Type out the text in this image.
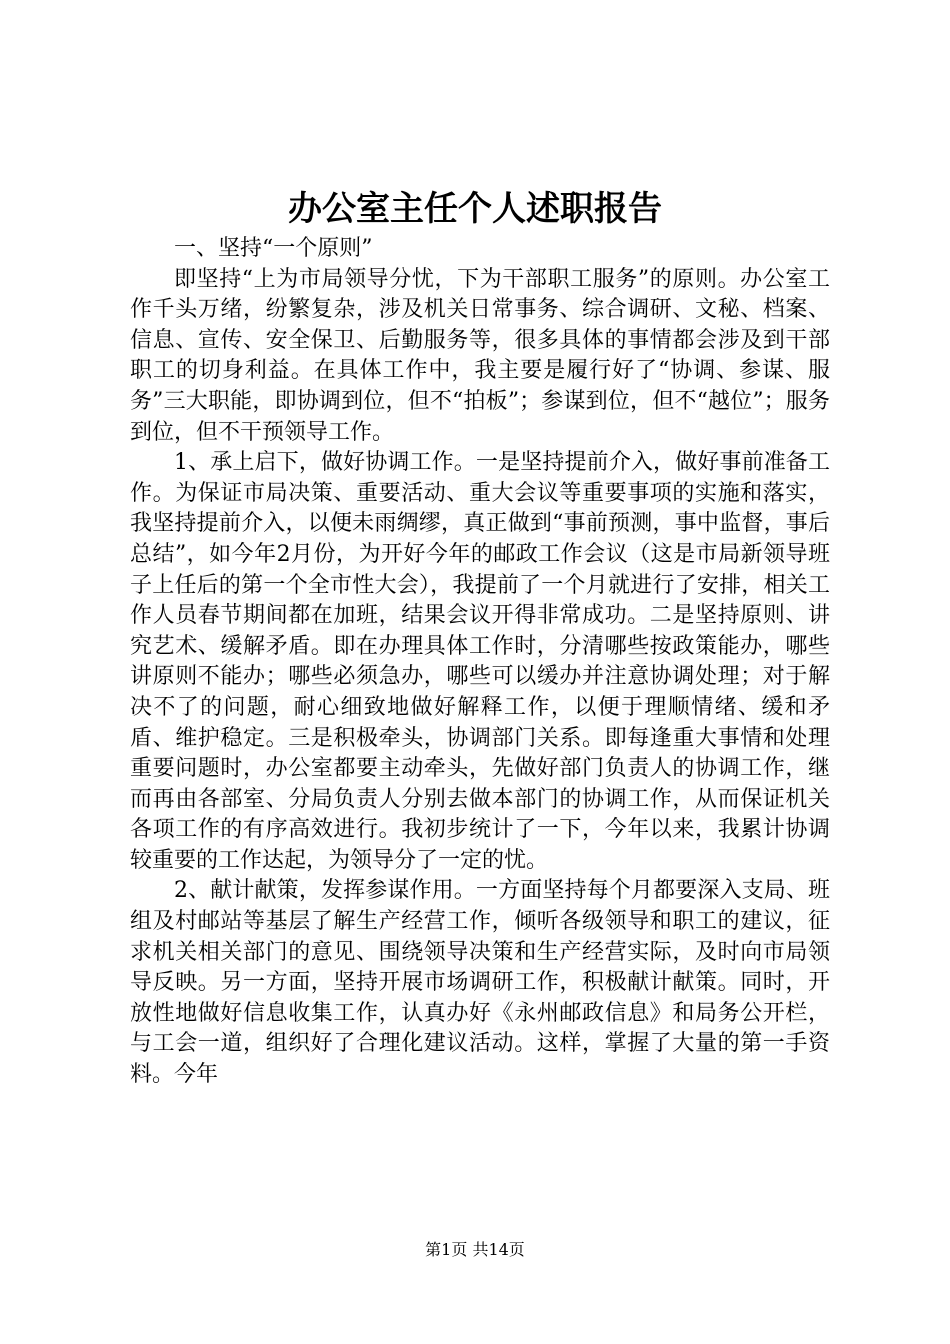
办公室主任个人述职报告

一、坚持“一个原则”

即坚持“上为市局领导分忧，下为干部职工服务”的原则。办公室工作千头万绪，纷繁复杂，涉及机关日常事务、综合调研、文秘、档案、信息、宣传、安全保卫、后勤服务等，很多具体的事情都会涉及到干部职工的切身利益。在具体工作中，我主要是履行好了“协调、参谋、服务”三大职能，即协调到位，但不“拍板”；参谋到位，但不“越位”；服务到位，但不干预领导工作。

1、承上启下，做好协调工作。一是坚持提前介入，做好事前准备工作。为保证市局决策、重要活动、重大会议等重要事项的实施和落实，我坚持提前介入，以便未雨绸缪，真正做到“事前预测，事中监督，事后总结”，如今年2月份，为开好今年的邮政工作会议（这是市局新领导班子上任后的第一个全市性大会），我提前了一个月就进行了安排，相关工作人员春节期间都在加班，结果会议开得非常成功。二是坚持原则、讲究艺术、缓解矛盾。即在办理具体工作时，分清哪些按政策能办，哪些讲原则不能办；哪些必须急办，哪些可以缓办并注意协调处理；对于解决不了的问题，耐心细致地做好解释工作，以便于理顺情绪、缓和矛盾、维护稳定。三是积极牵头，协调部门关系。即每逢重大事情和处理重要问题时，办公室都要主动牵头，先做好部门负责人的协调工作，继而再由各部室、分局负责人分别去做本部门的协调工作，从而保证机关各项工作的有序高效进行。我初步统计了一下，今年以来，我累计协调较重要的工作达起，为领导分了一定的忧。

2、献计献策，发挥参谋作用。一方面坚持每个月都要深入支局、班组及村邮站等基层了解生产经营工作，倾听各级领导和职工的建议，征求机关相关部门的意见、围绕领导决策和生产经营实际，及时向市局领导反映。另一方面，坚持开展市场调研工作，积极献计献策。同时，开放性地做好信息收集工作，认真办好《永州邮政信息》和局务公开栏，与工会一道，组织好了合理化建议活动。这样，掌握了大量的第一手资料。今年

第1页 共14页
